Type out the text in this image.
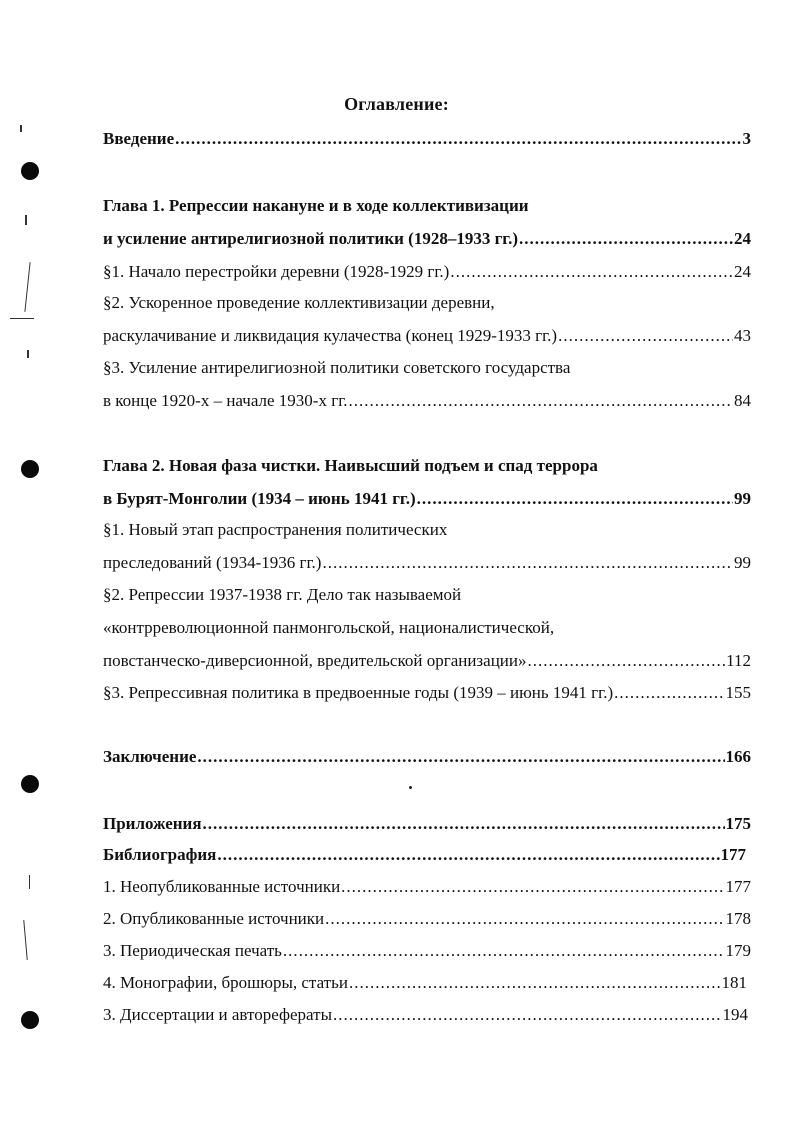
Оглавление:
Введение .....	3
Глава 1. Репрессии накануне и в ходе коллективизации
и усиление антирелигиозной политики (1928–1933 гг.) .....	24
§1. Начало перестройки деревни (1928-1929 гг.) .....	24
§2. Ускоренное проведение коллективизации деревни,
раскулачивание и ликвидация кулачества (конец 1929-1933 гг.) .....	43
§3. Усиление антирелигиозной политики советского государства
в конце 1920-х – начале 1930-х гг. .....	84
Глава 2. Новая фаза чистки. Наивысший подъем и спад террора
в Бурят-Монголии (1934 – июнь 1941 гг.) .....	99
§1. Новый этап распространения политических
преследований (1934-1936 гг.) .....	99
§2. Репрессии 1937-1938 гг. Дело так называемой
«контрреволюционной панмонгольской, националистической,
повстанческо-диверсионной, вредительской организации» .....	112
§3. Репрессивная политика в предвоенные годы (1939 – июнь 1941 гг.) .....	155
Заключение .....	166
Приложения .....	175
Библиография .....	177
1. Неопубликованные источники .....	177
2. Опубликованные источники .....	178
3. Периодическая печать .....	179
4. Монографии, брошюры, статьи .....	181
3. Диссертации и авторефераты .....	194
